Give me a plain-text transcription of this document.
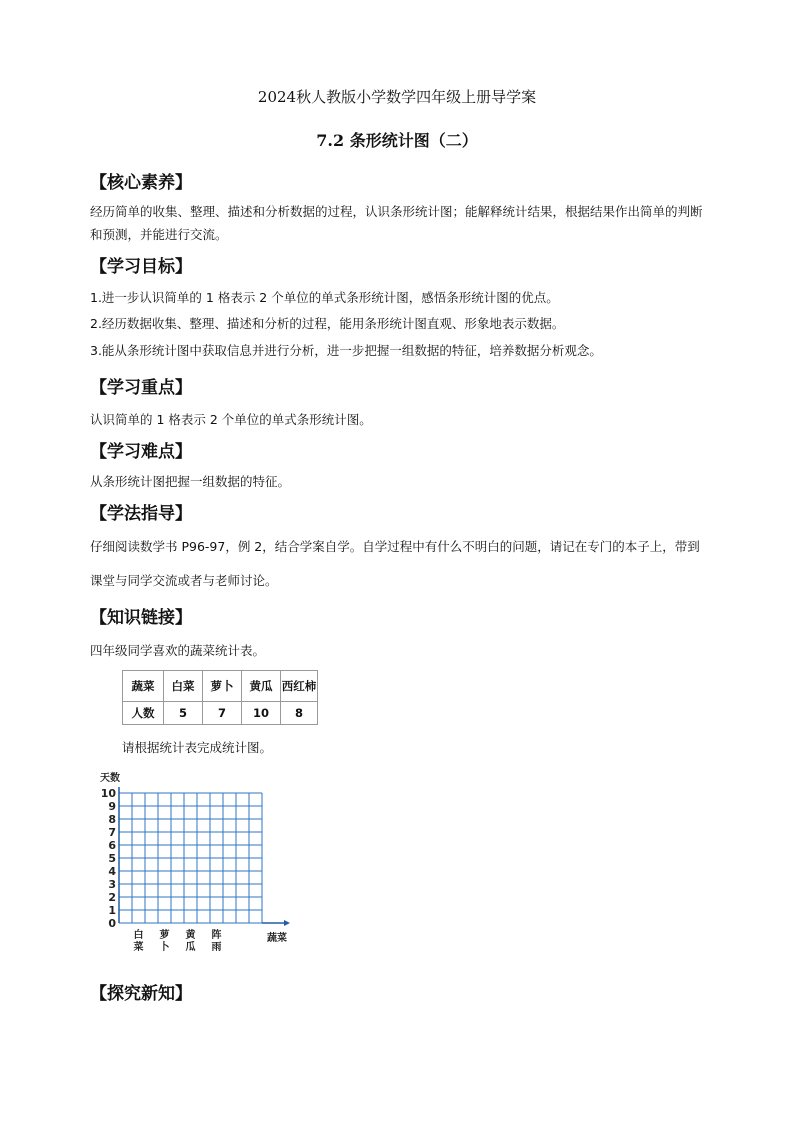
2024秋人教版小学数学四年级上册导学案
7.2 条形统计图（二）
【核心素养】
经历简单的收集、整理、描述和分析数据的过程，认识条形统计图；能解释统计结果，根据结果作出简单的判断和预测，并能进行交流。
【学习目标】
1.进一步认识简单的 1 格表示 2 个单位的单式条形统计图，感悟条形统计图的优点。
2.经历数据收集、整理、描述和分析的过程，能用条形统计图直观、形象地表示数据。
3.能从条形统计图中获取信息并进行分析，进一步把握一组数据的特征，培养数据分析观念。
【学习重点】
认识简单的 1 格表示 2 个单位的单式条形统计图。
【学习难点】
从条形统计图把握一组数据的特征。
【学法指导】
仔细阅读数学书 P96-97，例 2，结合学案自学。自学过程中有什么不明白的问题，请记在专门的本子上，带到课堂与同学交流或者与老师讨论。
【知识链接】
四年级同学喜欢的蔬菜统计表。
蔬菜	白菜	萝卜	黄瓜	西红柿
人数	5	7	10	8
请根据统计表完成统计图。
0
1
2
3
4
5
6
7
8
9
10
白菜
萝卜
黄瓜
阵雨
天数
蔬菜
【探究新知】
